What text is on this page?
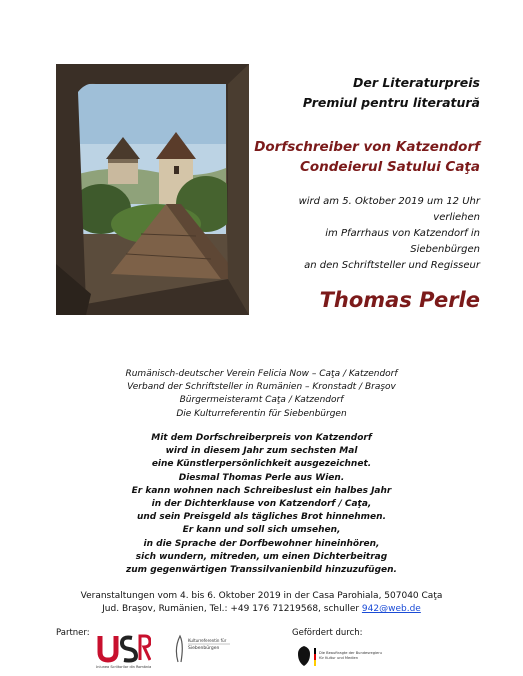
Der Literaturpreis
Premiul pentru literatură
Dorfschreiber von Katzendorf
Condeierul Satului Caţa
wird am 5. Oktober 2019 um 12 Uhr
verliehen
im Pfarrhaus von Katzendorf in
Siebenbürgen
an den Schriftsteller und Regisseur
Thomas Perle
Rumänisch-deutscher Verein Felicia Now – Caţa / Katzendorf
Verband der Schriftsteller in Rumänien – Kronstadt / Braşov
Bürgermeisteramt Caţa / Katzendorf
Die Kulturreferentin für Siebenbürgen
Mit dem Dorfschreiberpreis von Katzendorf
wird in diesem Jahr zum sechsten Mal
eine Künstlerpersönlichkeit ausgezeichnet.
Diesmal Thomas Perle aus Wien.
Er kann wohnen nach Schreibeslust ein halbes Jahr
in der Dichterklause von Katzendorf / Caţa,
und sein Preisgeld als tägliches Brot hinnehmen.
Er kann und soll sich umsehen,
in die Sprache der Dorfbewohner hineinhören,
sich wundern, mitreden, um einen Dichterbeitrag
zum gegenwärtigen Transsilvanienbild hinzuzufügen.
Veranstaltungen vom 4. bis 6. Oktober 2019 in der Casa Parohiala, 507040 Caţa
Jud. Braşov, Rumänien, Tel.: +49 176 71219568, schuller 942@web.de
Partner:
Uniunea Scriitorilor din România
Kulturreferentin für
Siebenbürgen
Gefördert durch:
Die Beauftragte der Bundesregierung
für Kultur und Medien
